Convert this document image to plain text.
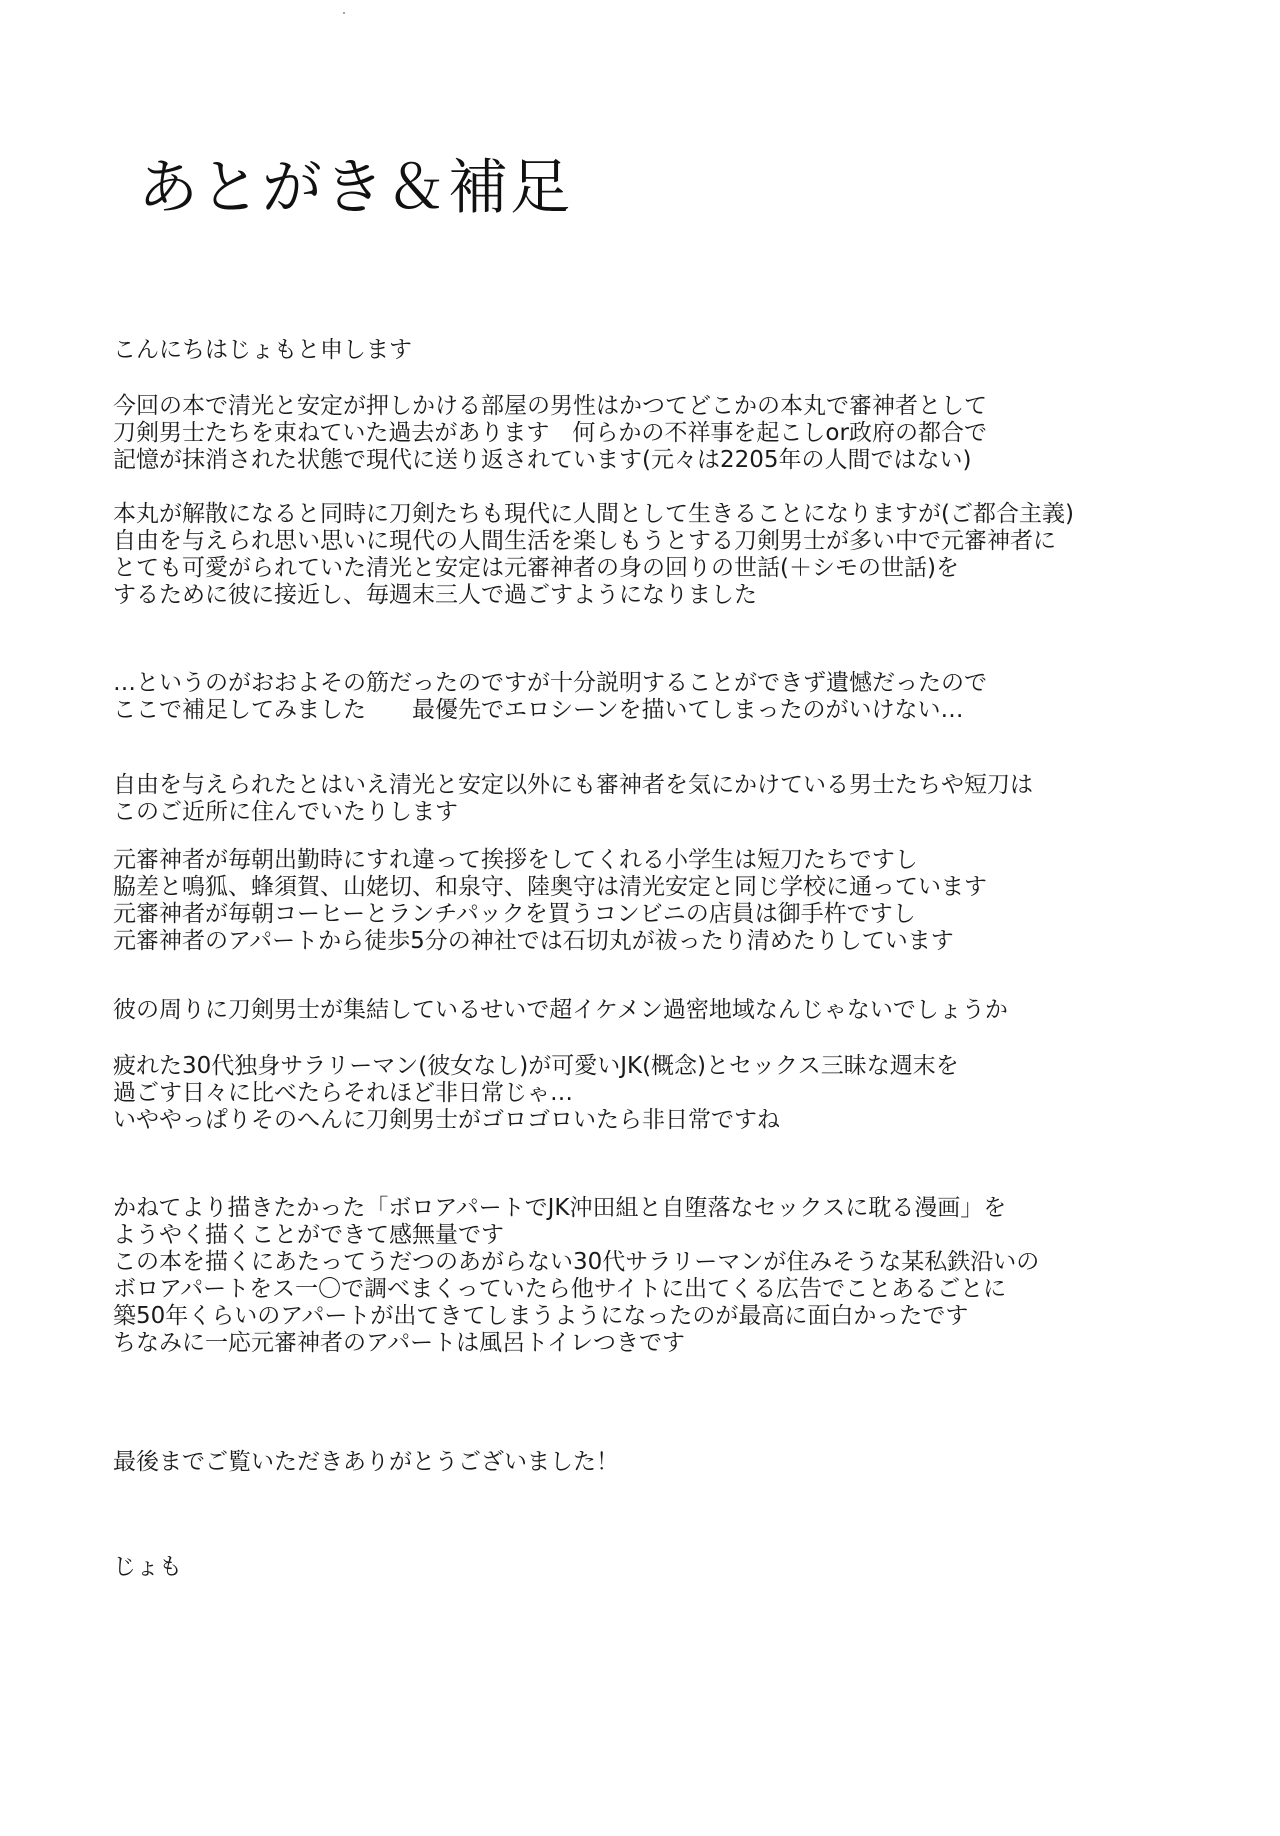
あとがき＆補足
こんにちはじょもと申します
今回の本で清光と安定が押しかける部屋の男性はかつてどこかの本丸で審神者として
刀剣男士たちを束ねていた過去があります　何らかの不祥事を起こしor政府の都合で
記憶が抹消された状態で現代に送り返されています(元々は2205年の人間ではない)
本丸が解散になると同時に刀剣たちも現代に人間として生きることになりますが(ご都合主義)
自由を与えられ思い思いに現代の人間生活を楽しもうとする刀剣男士が多い中で元審神者に
とても可愛がられていた清光と安定は元審神者の身の回りの世話(＋シモの世話)を
するために彼に接近し、毎週末三人で過ごすようになりました
…というのがおおよその筋だったのですが十分説明することができず遺憾だったので
ここで補足してみました　　最優先でエロシーンを描いてしまったのがいけない…
自由を与えられたとはいえ清光と安定以外にも審神者を気にかけている男士たちや短刀は
このご近所に住んでいたりします
元審神者が毎朝出勤時にすれ違って挨拶をしてくれる小学生は短刀たちですし
脇差と鳴狐、蜂須賀、山姥切、和泉守、陸奥守は清光安定と同じ学校に通っています
元審神者が毎朝コーヒーとランチパックを買うコンビニの店員は御手杵ですし
元審神者のアパートから徒歩5分の神社では石切丸が祓ったり清めたりしています
彼の周りに刀剣男士が集結しているせいで超イケメン過密地域なんじゃないでしょうか
疲れた30代独身サラリーマン(彼女なし)が可愛いJK(概念)とセックス三昧な週末を
過ごす日々に比べたらそれほど非日常じゃ…
いややっぱりそのへんに刀剣男士がゴロゴロいたら非日常ですね
かねてより描きたかった「ボロアパートでJK沖田組と自堕落なセックスに耽る漫画」を
ようやく描くことができて感無量です
この本を描くにあたってうだつのあがらない30代サラリーマンが住みそうな某私鉄沿いの
ボロアパートをス一〇で調べまくっていたら他サイトに出てくる広告でことあるごとに
築50年くらいのアパートが出てきてしまうようになったのが最高に面白かったです
ちなみに一応元審神者のアパートは風呂トイレつきです
最後までご覧いただきありがとうございました！
じょも
